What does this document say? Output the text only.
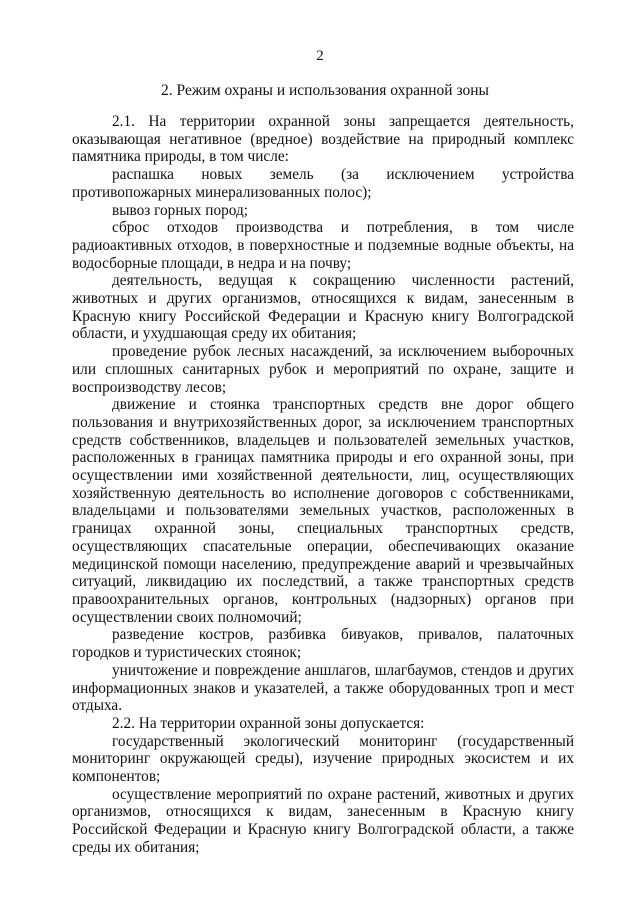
2
2. Режим охраны и использования охранной зоны

2.1. На территории охранной зоны запрещается деятельность, оказывающая негативное (вредное) воздействие на природный комплекс памятника природы, в том числе:

распашка новых земель (за исключением устройства противопожарных минерализованных полос);

вывоз горных пород;

сброс отходов производства и потребления, в том числе радиоактивных отходов, в поверхностные и подземные водные объекты, на водосборные площади, в недра и на почву;

деятельность, ведущая к сокращению численности растений, животных и других организмов, относящихся к видам, занесенным в Красную книгу Российской Федерации и Красную книгу Волгоградской области, и ухудшающая среду их обитания;

проведение рубок лесных насаждений, за исключением выборочных или сплошных санитарных рубок и мероприятий по охране, защите и воспроизводству лесов;

движение и стоянка транспортных средств вне дорог общего пользования и внутрихозяйственных дорог, за исключением транспортных средств собственников, владельцев и пользователей земельных участков, расположенных в границах памятника природы и его охранной зоны, при осуществлении ими хозяйственной деятельности, лиц, осуществляющих хозяйственную деятельность во исполнение договоров с собственниками, владельцами и пользователями земельных участков, расположенных в границах охранной зоны, специальных транспортных средств, осуществляющих спасательные операции, обеспечивающих оказание медицинской помощи населению, предупреждение аварий и чрезвычайных ситуаций, ликвидацию их последствий, а также транспортных средств правоохранительных органов, контрольных (надзорных) органов при осуществлении своих полномочий;

разведение костров, разбивка бивуаков, привалов, палаточных городков и туристических стоянок;

уничтожение и повреждение аншлагов, шлагбаумов, стендов и других информационных знаков и указателей, а также оборудованных троп и мест отдыха.

2.2. На территории охранной зоны допускается:

государственный экологический мониторинг (государственный мониторинг окружающей среды), изучение природных экосистем и их компонентов;

осуществление мероприятий по охране растений, животных и других организмов, относящихся к видам, занесенным в Красную книгу Российской Федерации и Красную книгу Волгоградской области, а также среды их обитания;
